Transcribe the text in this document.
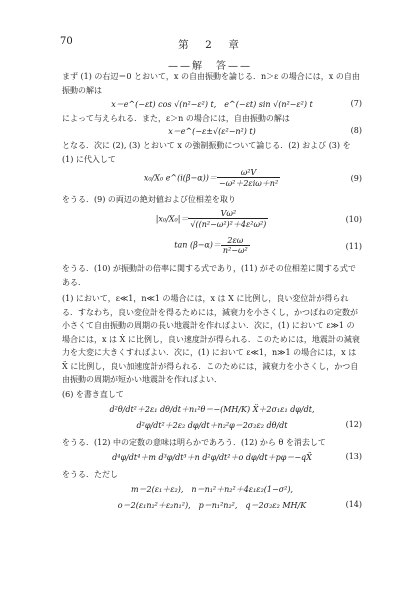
70	第　2　章
——解　答——

まず (1) の右辺＝0 とおいて，x の自由振動を論じる．n＞ε の場合には，x の自由振動の解は

x＝e^(−εt) cos √(n²−ε²) t,　e^(−εt) sin √(n²−ε²) t	(7)

によって与えられる．また，ε＞n の場合には，自由振動の解は

x＝e^(−ε±√(ε²−n²) t)	(8)

となる．次に (2), (3) とおいて x の強制振動について論じる．(2) および (3) を (1) に代入して

x₀/X₀ e^(i(β−α))＝ $\frac{\text{ω²V}}{\text{−ω²＋2εiω＋n²}}$	(9)

をうる．(9) の両辺の絶対値および位相差を取り

$|x_0/X_0|= \frac{\text{Vω²}}{\text{√((n²−ω²)²＋4ε²ω²)}}$	(10)
$\tan (\beta-\alpha)= \frac{2\varepsilon\omega}{\text{n²−ω²}}$	(11)

をうる．(10) が振動計の倍率に関する式であり，(11) がその位相差に関する式である．

(1) において，ε≪1，n≪1 の場合には，x は X に比例し，良い変位計が得られる．すなわち，良い変位計を得るためには，減衰力を小さくし，かつばねの定数が小さくて自由振動の周期の長い地震計を作ればよい．次に，(1) において ε≫1 の場合には，x は Ẋ に比例し，良い速度計が得られる．このためには，地震計の減衰力を大変に大きくすればよい．次に，(1) において ε≪1，n≫1 の場合には，x は Ẍ に比例し，良い加速度計が得られる．このためには，減衰力を小さくし，かつ自由振動の周期が短かい地震計を作ればよい．

(6) を書き直して

d²θ/dt²＋2ε₁ dθ/dt＋n₁²θ＝−(MH/K) Ẍ＋2σ₁ε₁ dφ/dt,
d²φ/dt²＋2ε₂ dφ/dt＋n₂²φ＝2σ₂ε₂ dθ/dt	(12)

をうる．(12) 中の定数の意味は明らかであろう．(12) から θ を消去して

d⁴φ/dt⁴＋m d³φ/dt³＋n d²φ/dt²＋o dφ/dt＋pφ＝−qẌ	(13)

をうる．ただし

m＝2(ε₁＋ε₂),　n＝n₁²＋n₂²＋4ε₁ε₂(1−σ²),
o＝2(ε₁n₂²＋ε₂n₁²),　p＝n₁²n₂²,　q＝2σ₂ε₂ MH/K	(14)
